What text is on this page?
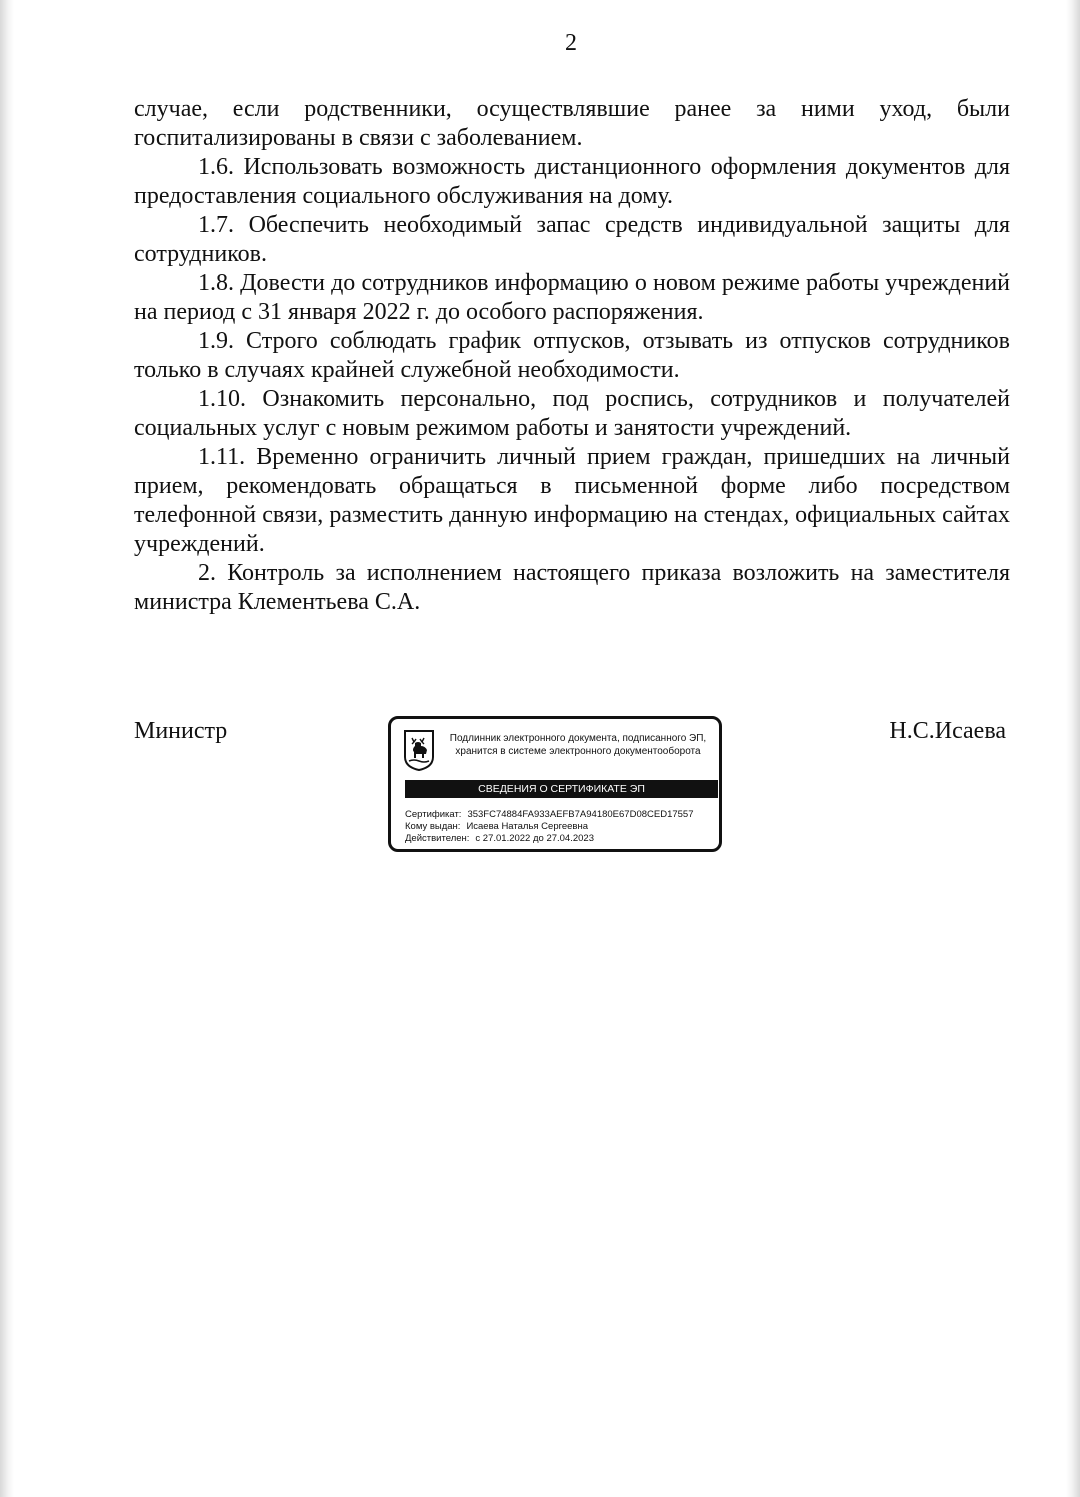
2

случае, если родственники, осуществлявшие ранее за ними уход, были госпитализированы в связи с заболеванием.

1.6. Использовать возможность дистанционного оформления документов для предоставления социального обслуживания на дому.

1.7. Обеспечить необходимый запас средств индивидуальной защиты для сотрудников.

1.8. Довести до сотрудников информацию о новом режиме работы учреждений на период с 31 января 2022 г. до особого распоряжения.

1.9. Строго соблюдать график отпусков, отзывать из отпусков сотрудников только в случаях крайней служебной необходимости.

1.10. Ознакомить персонально, под роспись, сотрудников и получателей социальных услуг с новым режимом работы и занятости учреждений.

1.11. Временно ограничить личный прием граждан, пришедших на личный прием, рекомендовать обращаться в письменной форме либо посредством телефонной связи, разместить данную информацию на стендах, официальных сайтах учреждений.

2. Контроль за исполнением настоящего приказа возложить на заместителя министра Клементьева С.А.

Министр	Н.С.Исаева
Подлинник электронного документа, подписанного ЭП,
хранится в системе электронного документооборота
СВЕДЕНИЯ О СЕРТИФИКАТЕ ЭП
Сертификат: 353FC74884FA933AEFB7A94180E67D08CED17557
Кому выдан: Исаева Наталья Сергеевна
Действителен: с 27.01.2022 до 27.04.2023
